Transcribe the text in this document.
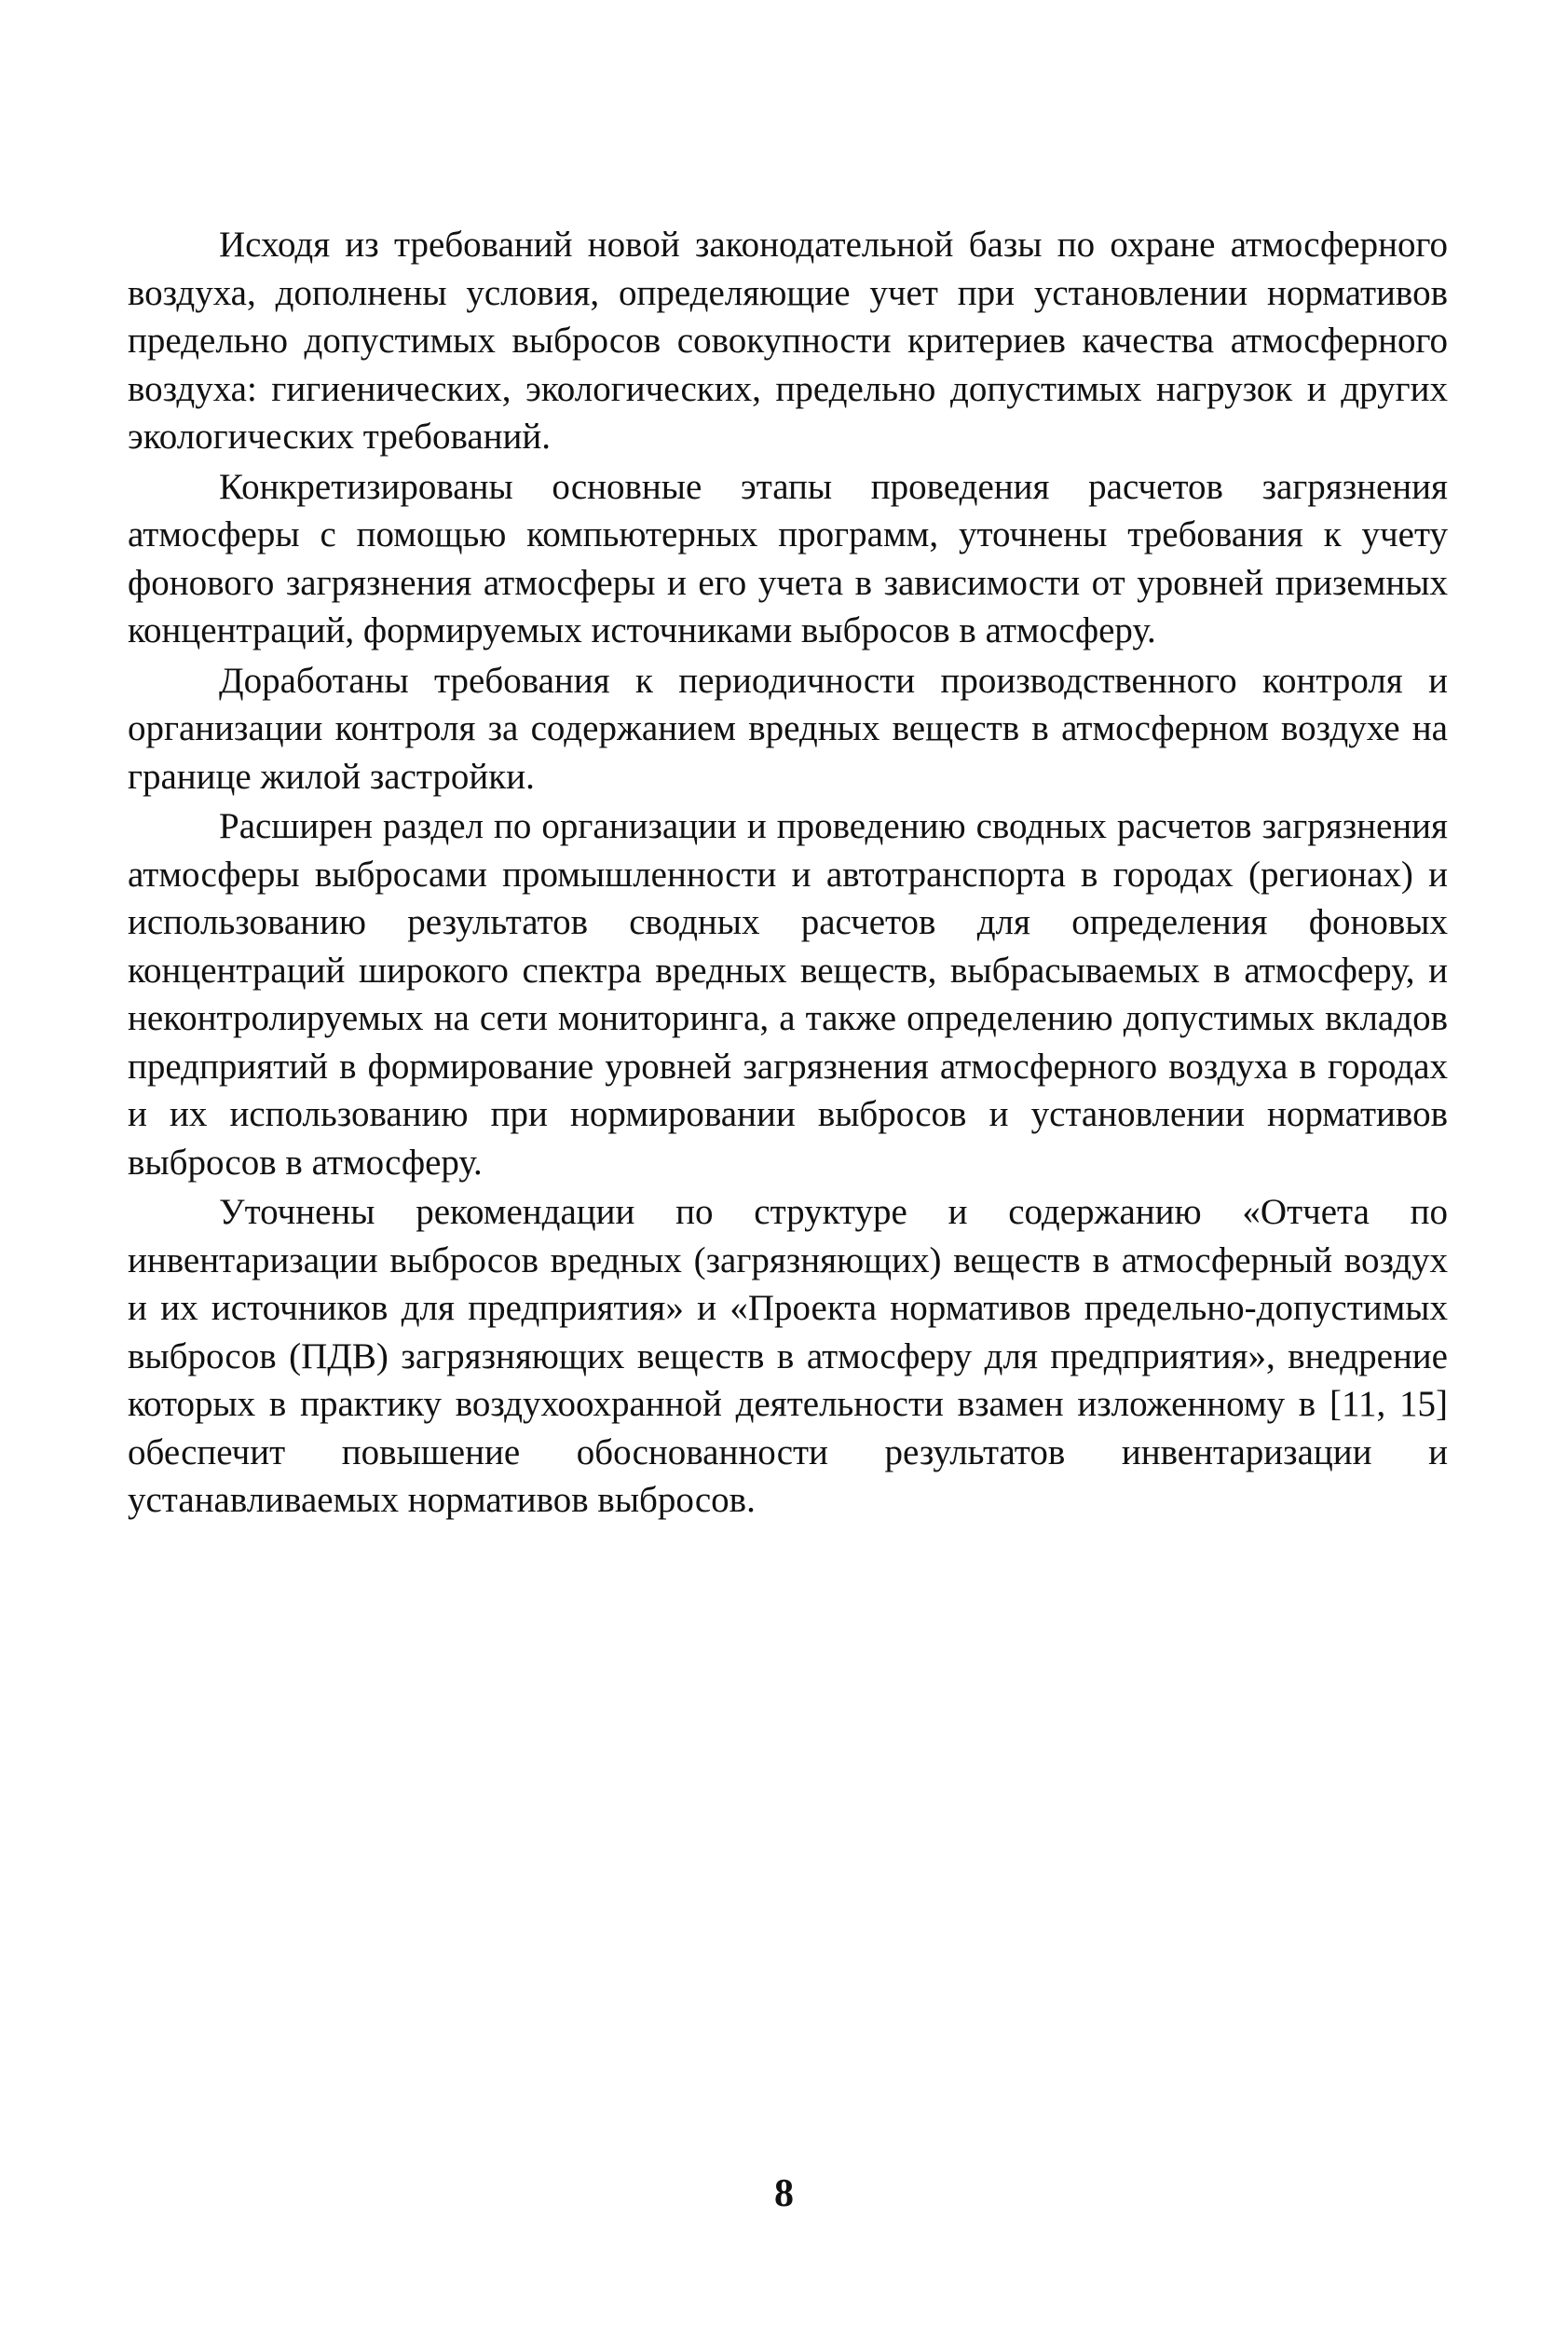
Исходя из требований новой законодательной базы по охране атмосферного воздуха, дополнены условия, определяющие учет при установлении нормативов предельно допустимых выбросов совокупности критериев качества атмосферного воздуха: гигиенических, экологических, предельно допустимых нагрузок и других экологических требований.

Конкретизированы основные этапы проведения расчетов загрязнения атмосферы с помощью компьютерных программ, уточнены требования к учету фонового загрязнения атмосферы и его учета в зависимости от уровней приземных концентраций, формируемых источниками выбросов в атмосферу.

Доработаны требования к периодичности производственного контроля и организации контроля за содержанием вредных веществ в атмосферном воздухе на границе жилой застройки.

Расширен раздел по организации и проведению сводных расчетов загрязнения атмосферы выбросами промышленности и автотранспорта в городах (регионах) и использованию результатов сводных расчетов для определения фоновых концентраций широкого спектра вредных веществ, выбрасываемых в атмосферу, и неконтролируемых на сети мониторинга, а также определению допустимых вкладов предприятий в формирование уровней загрязнения атмосферного воздуха в городах и их использованию при нормировании выбросов и установлении нормативов выбросов в атмосферу.

Уточнены рекомендации по структуре и содержанию «Отчета по инвентаризации выбросов вредных (загрязняющих) веществ в атмосферный воздух и их источников для предприятия» и «Проекта нормативов предельно-допустимых выбросов (ПДВ) загрязняющих веществ в атмосферу для предприятия», внедрение которых в практику воздухоохранной деятельности взамен изложенному в [11, 15] обеспечит повышение обоснованности результатов инвентаризации и устанавливаемых нормативов выбросов.

8
